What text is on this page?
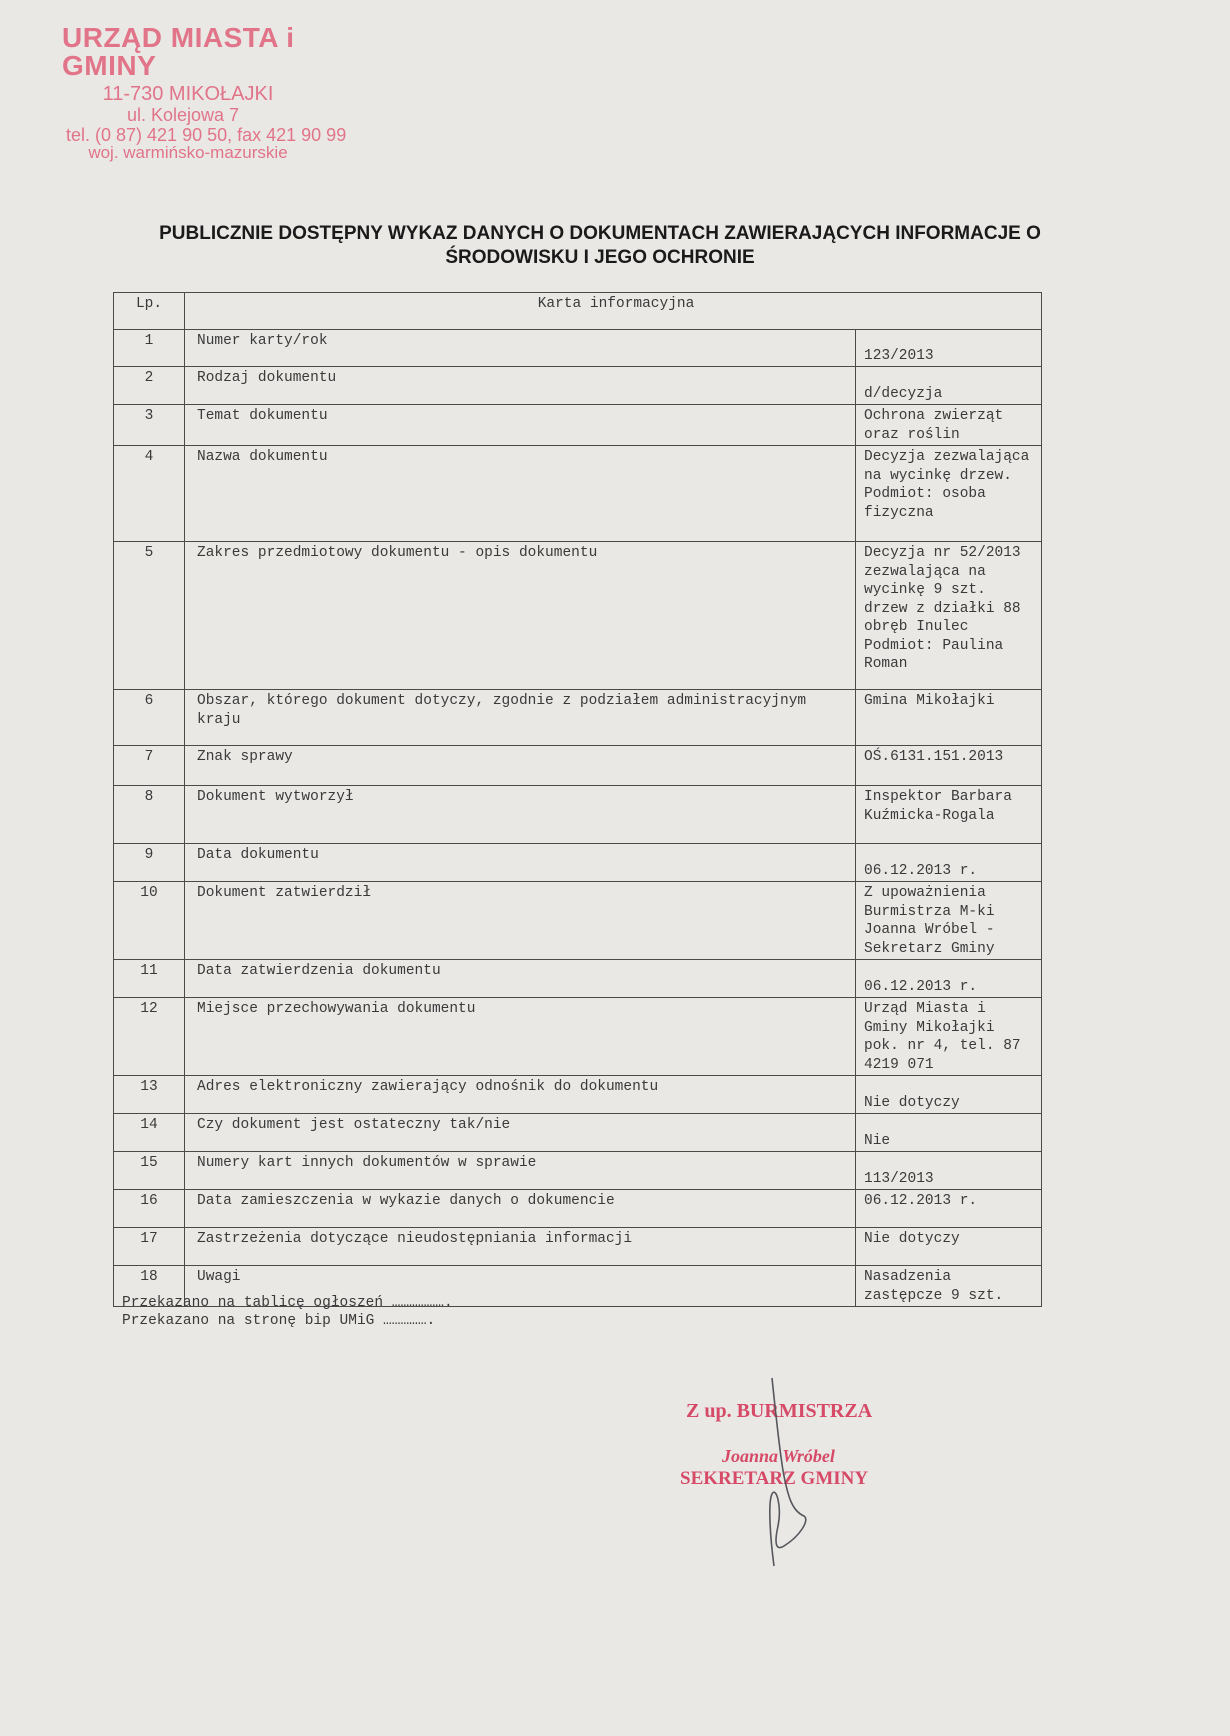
URZĄD MIASTA i GMINY
11-730 MIKOŁAJKI
ul. Kolejowa 7
tel. (0 87) 421 90 50, fax 421 90 99
woj. warmińsko-mazurskie
PUBLICZNIE DOSTĘPNY WYKAZ DANYCH O DOKUMENTACH ZAWIERAJĄCYCH INFORMACJE O ŚRODOWISKU I JEGO OCHRONIE
Lp.	Karta informacyjna	
1	Numer karty/rok	123/2013
2	Rodzaj dokumentu	d/decyzja
3	Temat dokumentu	Ochrona zwierząt oraz roślin
4	Nazwa dokumentu	Decyzja zezwalająca na wycinkę drzew. Podmiot: osoba fizyczna
5	Zakres przedmiotowy dokumentu - opis dokumentu	Decyzja nr 52/2013 zezwalająca na wycinkę 9 szt. drzew z działki 88 obręb Inulec Podmiot: Paulina Roman
6	Obszar, którego dokument dotyczy, zgodnie z podziałem administracyjnym kraju	Gmina Mikołajki
7	Znak sprawy	OŚ.6131.151.2013
8	Dokument wytworzył	Inspektor Barbara Kuźmicka-Rogala
9	Data dokumentu	06.12.2013 r.
10	Dokument zatwierdził	Z upoważnienia Burmistrza M-ki Joanna Wróbel - Sekretarz Gminy
11	Data zatwierdzenia dokumentu	06.12.2013 r.
12	Miejsce przechowywania dokumentu	Urząd Miasta i Gminy Mikołajki pok. nr 4, tel. 87 4219 071
13	Adres elektroniczny zawierający odnośnik do dokumentu	Nie dotyczy
14	Czy dokument jest ostateczny tak/nie	Nie
15	Numery kart innych dokumentów w sprawie	113/2013
16	Data zamieszczenia w wykazie danych o dokumencie	06.12.2013 r.
17	Zastrzeżenia dotyczące nieudostępniania informacji	Nie dotyczy
18	Uwagi	Nasadzenia zastępcze 9 szt.
Przekazano na tablicę ogłoszeń ……………….
Przekazano na stronę bip UMiG …………….
Z up. BURMISTRZA
Joanna Wróbel
SEKRETARZ GMINY
